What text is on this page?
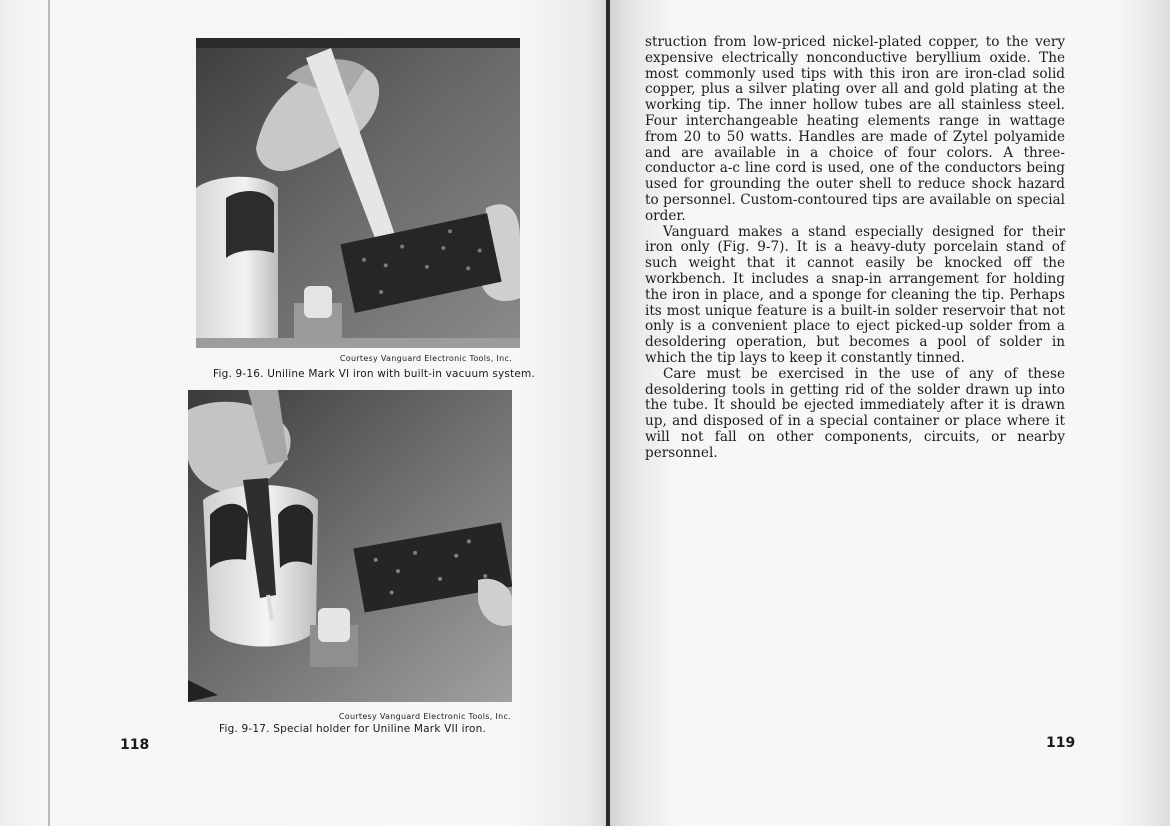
Courtesy Vanguard Electronic Tools, Inc.
Fig. 9-16. Uniline Mark VI iron with built-in vacuum system.
Courtesy Vanguard Electronic Tools, Inc.
Fig. 9-17. Special holder for Uniline Mark VII iron.
118

struction from low-priced nickel-plated copper, to the very expensive electrically nonconductive beryllium oxide. The most commonly used tips with this iron are iron-clad solid copper, plus a silver plating over all and gold plating at the working tip. The inner hollow tubes are all stainless steel. Four interchangeable heating elements range in wattage from 20 to 50 watts. Handles are made of Zytel polyamide and are available in a choice of four colors. A three-conductor a-c line cord is used, one of the conductors being used for grounding the outer shell to reduce shock hazard to personnel. Custom-contoured tips are available on special order.

Vanguard makes a stand especially designed for their iron only (Fig. 9-7). It is a heavy-duty porcelain stand of such weight that it cannot easily be knocked off the workbench. It includes a snap-in arrangement for holding the iron in place, and a sponge for cleaning the tip. Perhaps its most unique feature is a built-in solder reservoir that not only is a convenient place to eject picked-up solder from a desoldering operation, but becomes a pool of solder in which the tip lays to keep it constantly tinned.

Care must be exercised in the use of any of these desoldering tools in getting rid of the solder drawn up into the tube. It should be ejected immediately after it is drawn up, and disposed of in a special container or place where it will not fall on other components, circuits, or nearby personnel.

119
